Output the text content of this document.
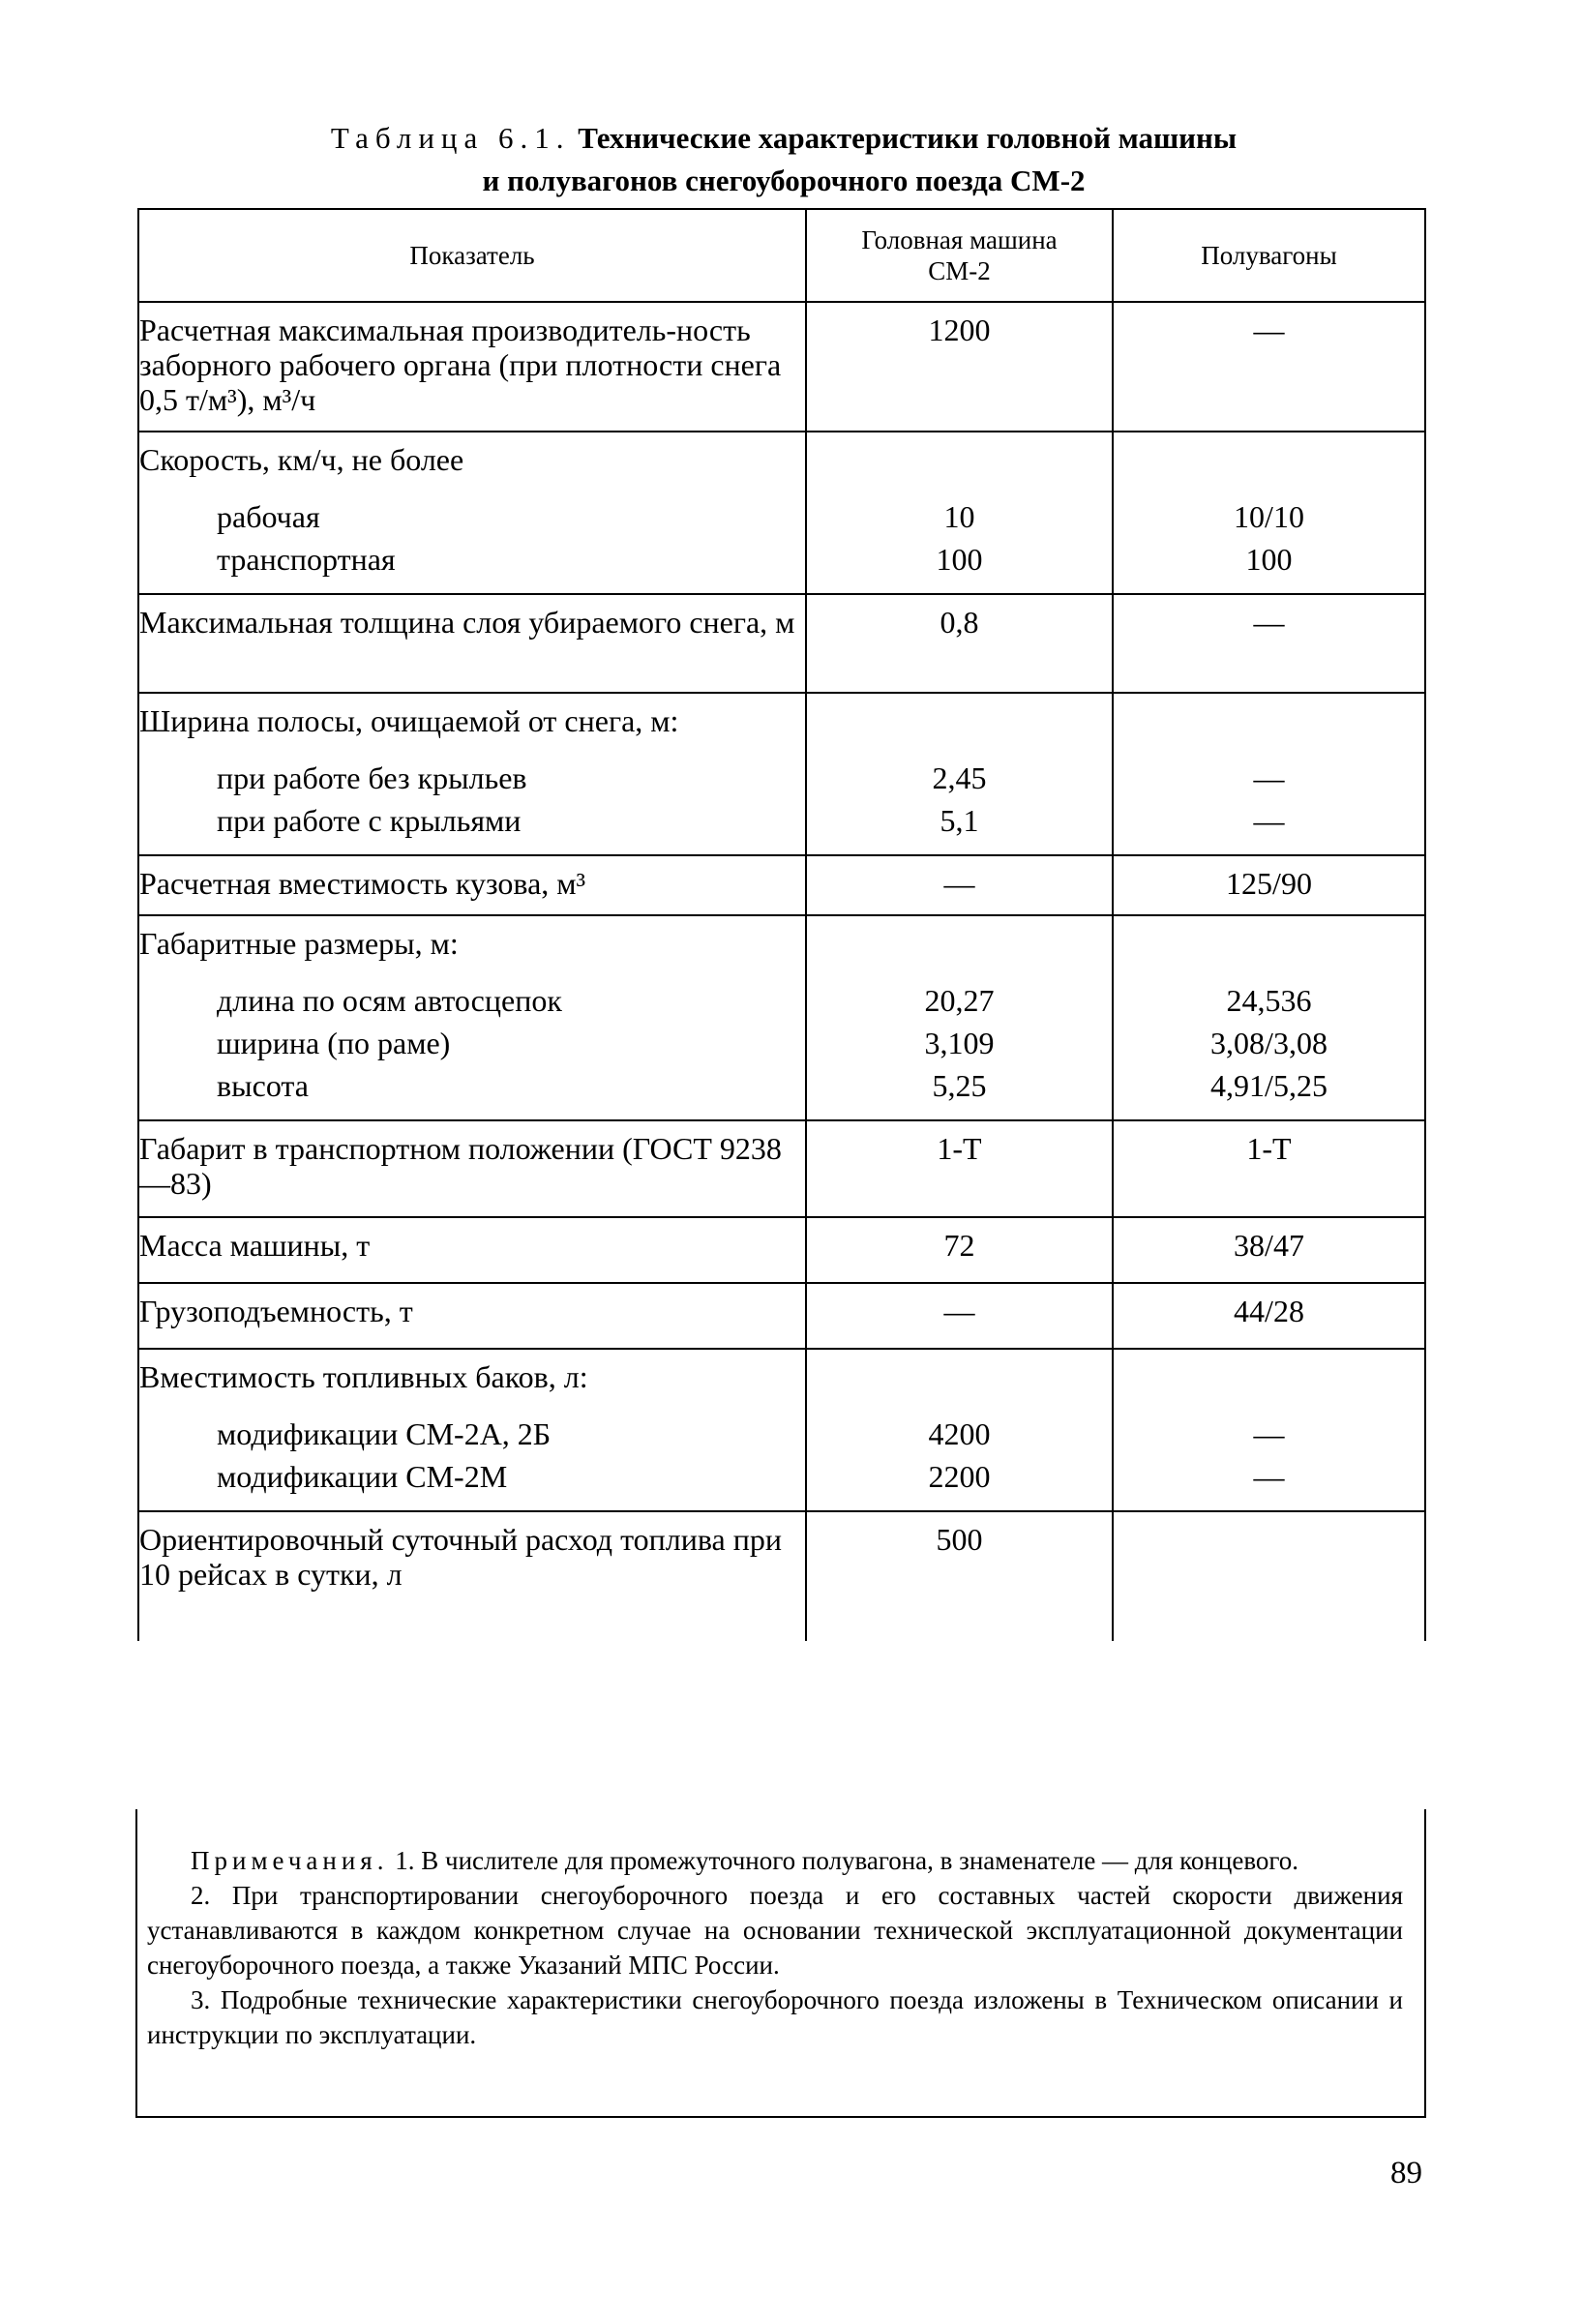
Таблица 6.1. Технические характеристики головной машины
и полувагонов снегоуборочного поезда СМ-2
Показатель	Головная машина СМ-2	Полувагоны
Расчетная максимальная производитель-ность заборного рабочего органа (при плотности снега 0,5 т/м³), м³/ч	1200	—
Скорость, км/ч, не более		
рабочая	10	10/10
транспортная	100	100
Максимальная толщина слоя убираемого снега, м	0,8	—
Ширина полосы, очищаемой от снега, м:		
при работе без крыльев	2,45	—
при работе с крыльями	5,1	—
Расчетная вместимость кузова, м³	—	125/90
Габаритные размеры, м:		
длина по осям автосцепок	20,27	24,536
ширина (по раме)	3,109	3,08/3,08
высота	5,25	4,91/5,25
Габарит в транспортном положении (ГОСТ 9238—83)	1-Т	1-Т
Масса машины, т	72	38/47
Грузоподъемность, т	—	44/28
Вместимость топливных баков, л:		
модификации СМ-2А, 2Б	4200	—
модификации СМ-2М	2200	—
Ориентировочный суточный расход топлива при 10 рейсах в сутки, л	500	

Примечания. 1. В числителе для промежуточного полувагона, в знаменателе — для концевого.

2. При транспортировании снегоуборочного поезда и его составных частей скорости движения устанавливаются в каждом конкретном случае на основании технической эксплуатационной документации снегоуборочного поезда, а также Указаний МПС России.

3. Подробные технические характеристики снегоуборочного поезда изложены в Техническом описании и инструкции по эксплуатации.

89
